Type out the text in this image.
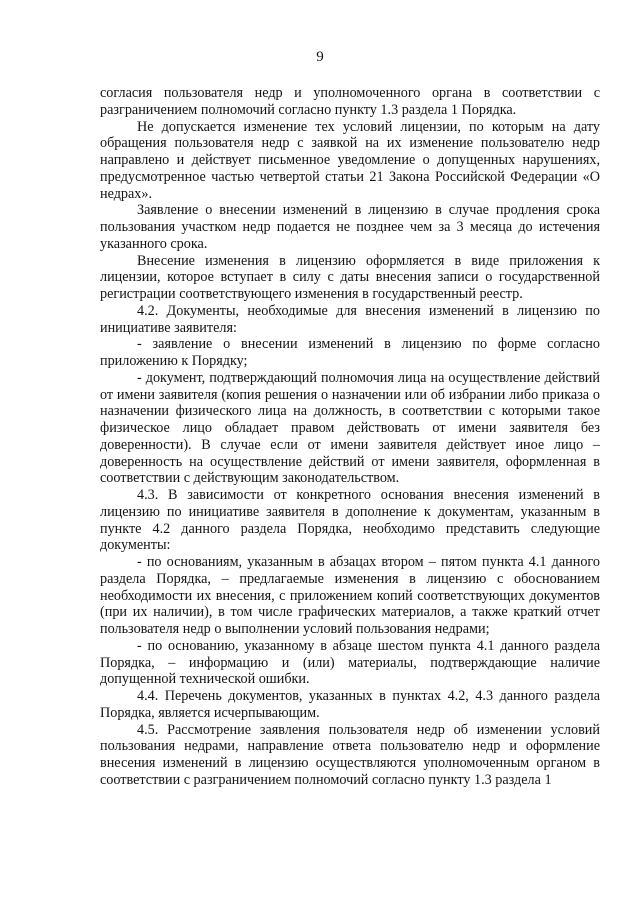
9

согласия пользователя недр и уполномоченного органа в соответствии с разграничением полномочий согласно пункту 1.3 раздела 1 Порядка.

Не допускается изменение тех условий лицензии, по которым на дату обращения пользователя недр с заявкой на их изменение пользователю недр направлено и действует письменное уведомление о допущенных нарушениях, предусмотренное частью четвертой статьи 21 Закона Российской Федерации «О недрах».

Заявление о внесении изменений в лицензию в случае продления срока пользования участком недр подается не позднее чем за 3 месяца до истечения указанного срока.

Внесение изменения в лицензию оформляется в виде приложения к лицензии, которое вступает в силу с даты внесения записи о государственной регистрации соответствующего изменения в государственный реестр.

4.2. Документы, необходимые для внесения изменений в лицензию по инициативе заявителя:

- заявление о внесении изменений в лицензию по форме согласно приложению к Порядку;

- документ, подтверждающий полномочия лица на осуществление действий от имени заявителя (копия решения о назначении или об избрании либо приказа о назначении физического лица на должность, в соответствии с которыми такое физическое лицо обладает правом действовать от имени заявителя без доверенности). В случае если от имени заявителя действует иное лицо – доверенность на осуществление действий от имени заявителя, оформленная в соответствии с действующим законодательством.

4.3. В зависимости от конкретного основания внесения изменений в лицензию по инициативе заявителя в дополнение к документам, указанным в пункте 4.2 данного раздела Порядка, необходимо представить следующие документы:

- по основаниям, указанным в абзацах втором – пятом пункта 4.1 данного раздела Порядка, – предлагаемые изменения в лицензию с обоснованием необходимости их внесения, с приложением копий соответствующих документов (при их наличии), в том числе графических материалов, а также краткий отчет пользователя недр о выполнении условий пользования недрами;

- по основанию, указанному в абзаце шестом пункта 4.1 данного раздела Порядка, – информацию и (или) материалы, подтверждающие наличие допущенной технической ошибки.

4.4. Перечень документов, указанных в пунктах 4.2, 4.3 данного раздела Порядка, является исчерпывающим.

4.5. Рассмотрение заявления пользователя недр об изменении условий пользования недрами, направление ответа пользователю недр и оформление внесения изменений в лицензию осуществляются уполномоченным органом в соответствии с разграничением полномочий согласно пункту 1.3 раздела 1
